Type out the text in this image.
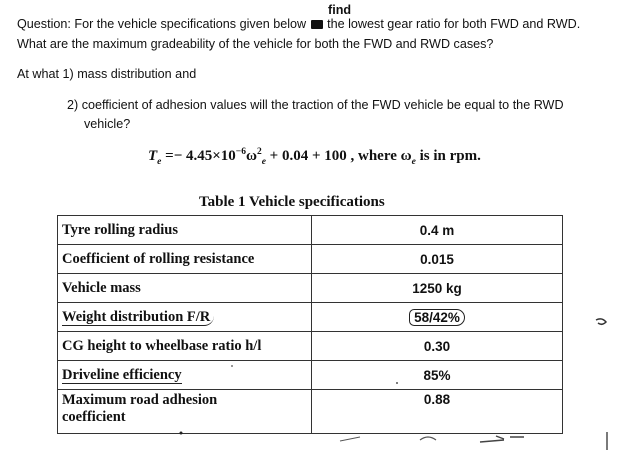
find
Question: For the vehicle specifications given below the lowest gear ratio for both FWD and RWD.
What are the maximum gradeability of the vehicle for both the FWD and RWD cases?
At what 1) mass distribution and
2) coefficient of adhesion values will the traction of the FWD vehicle be equal to the RWD
vehicle?
$T_e =- 4.45\times 10^{-6}\omega^2_e + 0.04 + 100$ , where $\omega_e$ is in rpm.
Table 1 Vehicle specifications
Tyre rolling radius	0.4 m
Coefficient of rolling resistance	0.015
Vehicle mass	1250 kg
Weight distribution F/R	58/42%
CG height to wheelbase ratio h/l	0.30
Driveline efficiency	85%

Maximum road adhesion
coefficient	0.88
